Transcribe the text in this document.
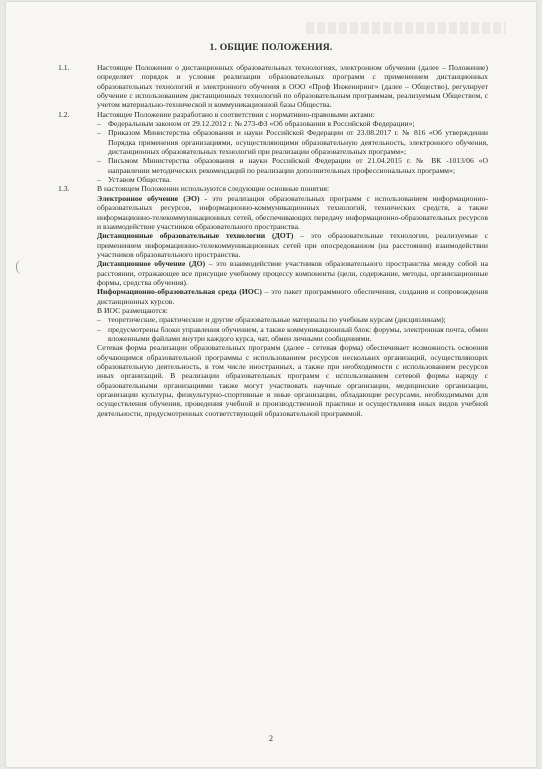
1. ОБЩИЕ ПОЛОЖЕНИЯ.
1.1.	Настоящее Положение о дистанционных образовательных технологиях, электронном обучении (далее – Положение) определяет порядок и условия реализации образовательных программ с применением дистанционных образовательных технологий и электронного обучения в ООО «Проф Инжениринг» (далее – Общество), регулирует обучение с использованием дистанционных технологий по образовательным программам, реализуемым Обществом, с учетом материально-технической и коммуникационной базы Общества.
1.2.	Настоящее Положение разработано в соответствии с нормативно-правовыми актами:
– Федеральным законом от 29.12.2012 г. № 273-ФЗ «Об образовании в Российской Федерации»;
– Приказом Министерства образования и науки Российской Федерации от 23.08.2017 г. № 816 «Об утверждении Порядка применения организациями, осуществляющими образовательную деятельность, электронного обучения, дистанционных образовательных технологий при реализации образовательных программ»;
– Письмом Министерства образования и науки Российской Федерации от 21.04.2015 г. № ВК -1013/06 «О направлении методических рекомендаций по реализации дополнительных профессиональных программ»;
– Уставом Общества.
1.3.	В настоящем Положении используются следующие основные понятия:
Электронное обучение (ЭО) - это реализация образовательных программ с использованием информационно-образовательных ресурсов, информационно-коммуникационных технологий, технических средств, а также информационно-телекоммуникационных сетей, обеспечивающих передачу информационно-образовательных ресурсов и взаимодействие участников образовательного пространства.
Дистанционные образовательные технологии (ДОТ) – это образовательные технологии, реализуемые с применением информационно-телекоммуникационных сетей при опосредованном (на расстоянии) взаимодействии участников образовательного пространства.
Дистанционное обучение (ДО) – это взаимодействие участников образовательного пространства между собой на расстоянии, отражающее все присущие учебному процессу компоненты (цели, содержание, методы, организационные формы, средства обучения).
Информационно-образовательная среда (ИОС) – это пакет программного обеспечения, создания и сопровождения дистанционных курсов.
В ИОС размещаются:
– теоретические, практические и другие образовательные материалы по учебным курсам (дисциплинам);
– предусмотрены блоки управления обучением, а также коммуникационный блок: форумы, электронная почта, обмен вложенными файлами внутри каждого курса, чат, обмен личными сообщениями.
Сетевая форма реализации образовательных программ (далее - сетевая форма) обеспечивает возможность освоения обучающимся образовательной программы с использованием ресурсов нескольких организаций, осуществляющих образовательную деятельность, в том числе иностранных, а также при необходимости с использованием ресурсов иных организаций. В реализации образовательных программ с использованием сетевой формы наряду с образовательными организациями также могут участвовать научные организации, медицинские организации, организации культуры, физкультурно-спортивные и иные организации, обладающие ресурсами, необходимыми для осуществления обучения, проведения учебной и производственной практики и осуществления иных видов учебной деятельности, предусмотренных соответствующей образовательной программой.
2
